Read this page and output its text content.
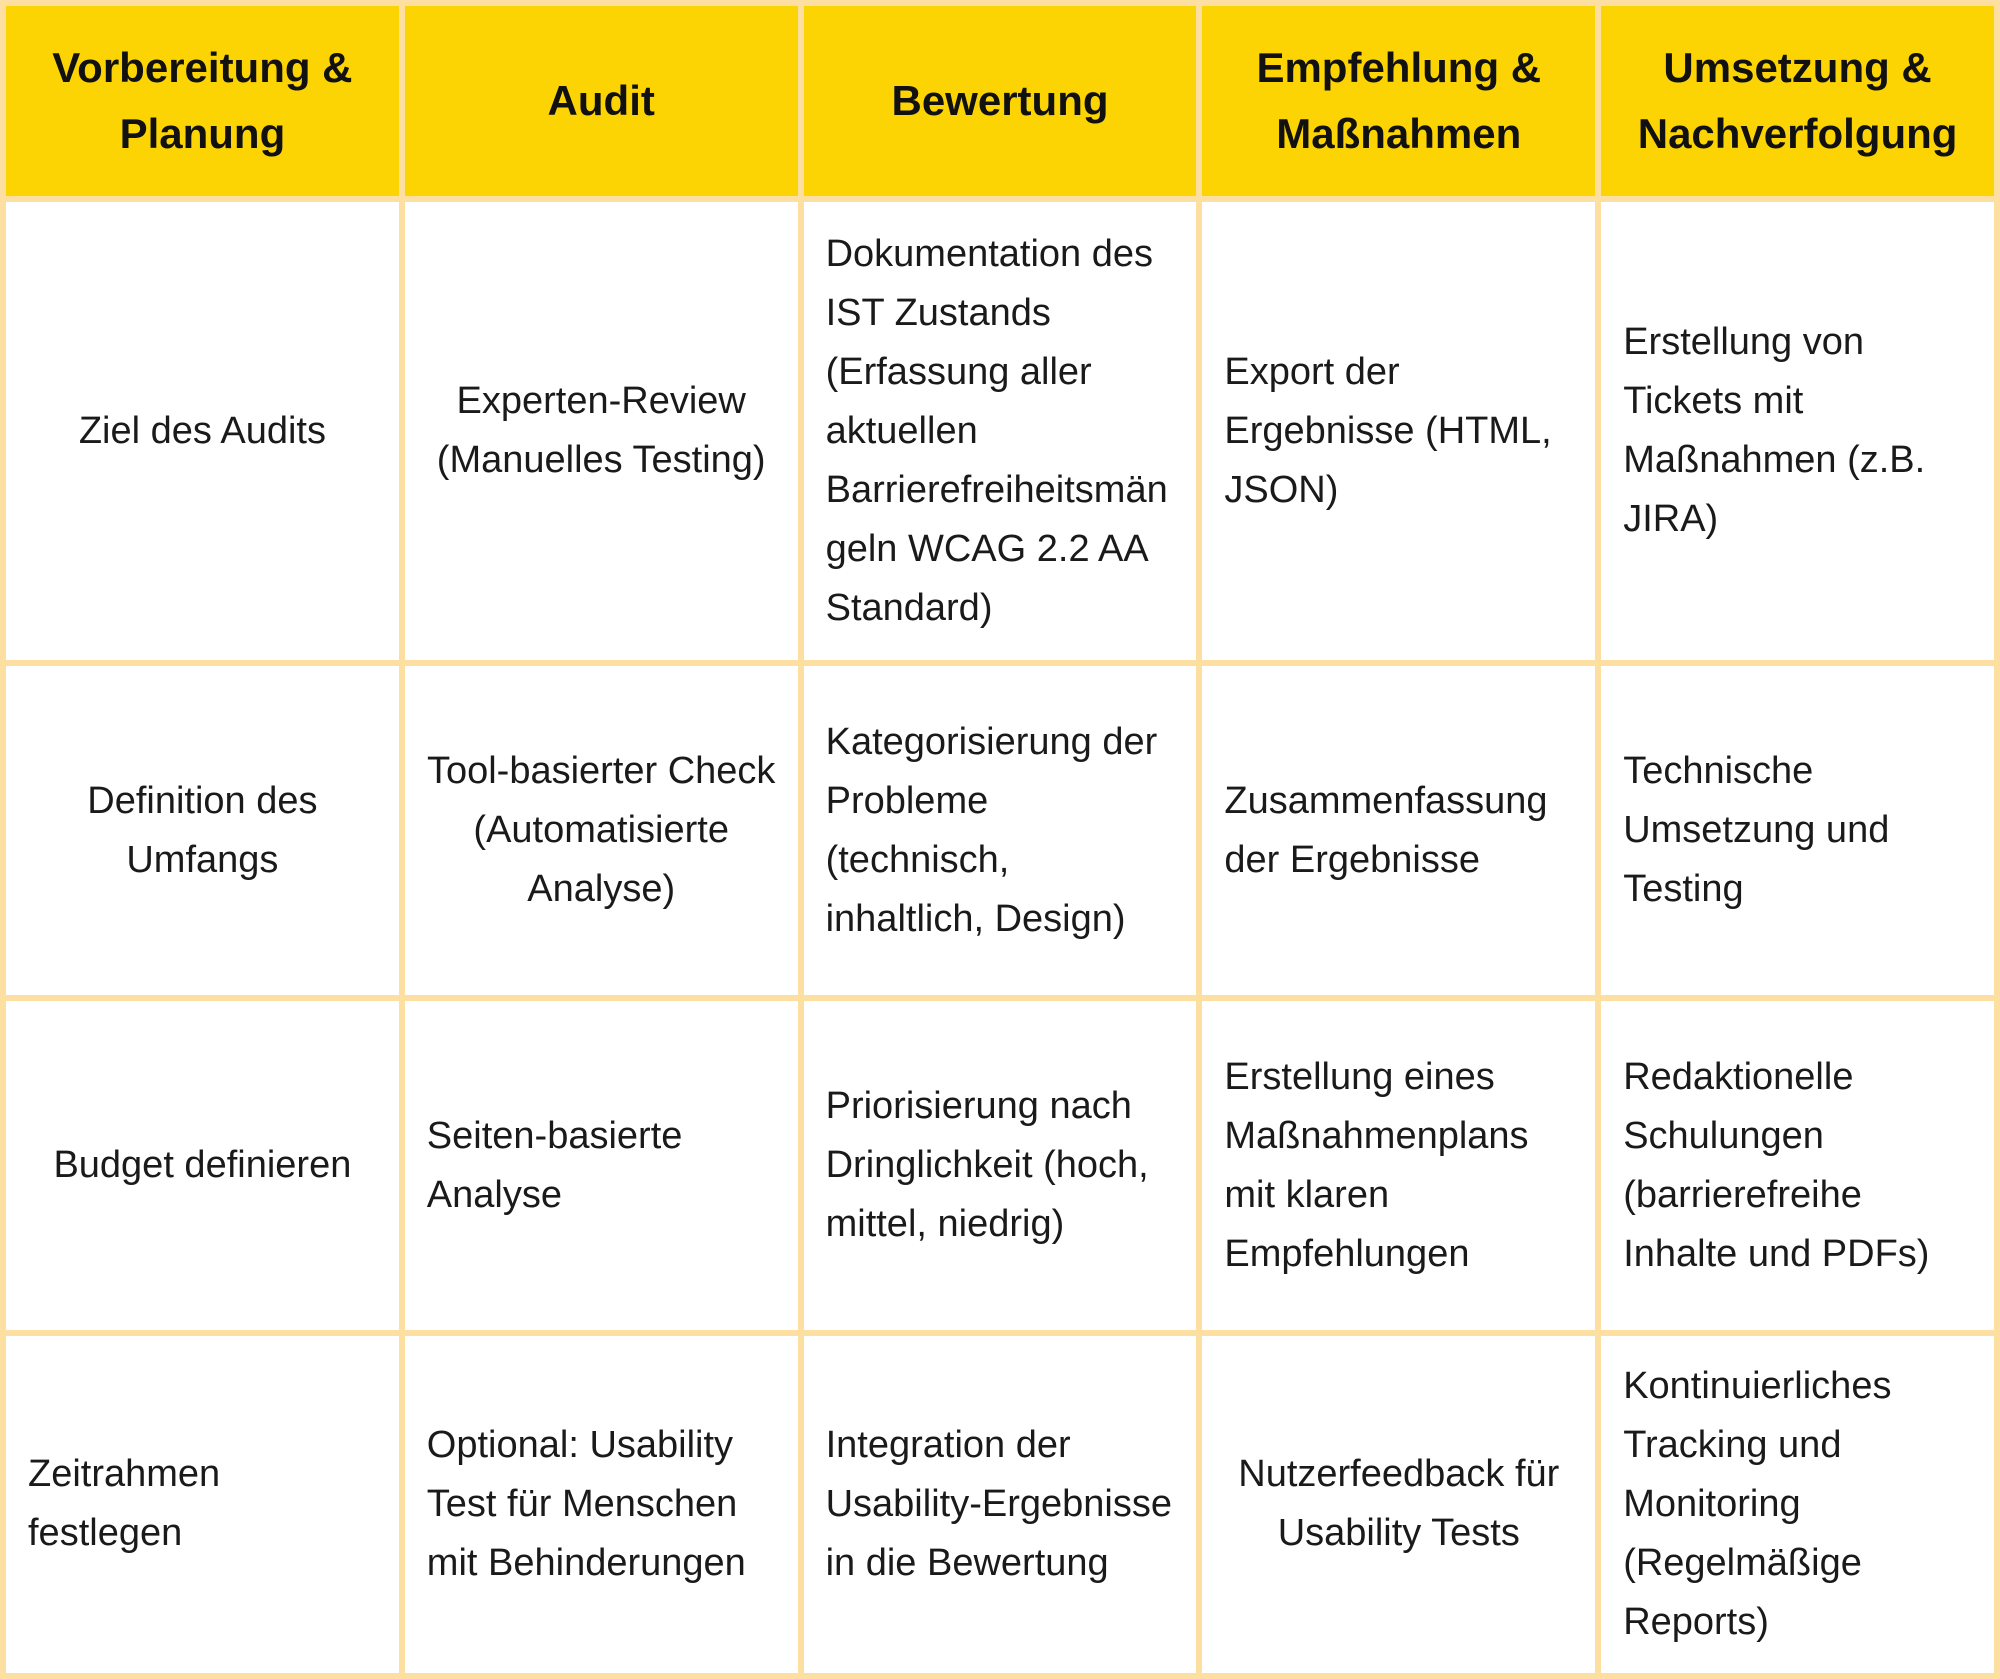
Vorbereitung & Planung	Audit	Bewertung	Empfehlung & Maßnahmen	Umsetzung & Nachverfolgung
Ziel des Audits	Experten-Review (Manuelles Testing)	Dokumentation des IST Zustands (Erfassung aller aktuellen Barrierefreiheitsmängeln WCAG 2.2 AA Standard)	Export der Ergebnisse (HTML, JSON)	Erstellung von Tickets mit Maßnahmen (z.B. JIRA)
Definition des Umfangs	Tool-basierter Check (Automatisierte Analyse)	Kategorisierung der Probleme (technisch, inhaltlich, Design)	Zusammenfassung der Ergebnisse	Technische Umsetzung und Testing
Budget definieren	Seiten-basierte Analyse	Priorisierung nach Dringlichkeit (hoch, mittel, niedrig)	Erstellung eines Maßnahmenplans mit klaren Empfehlungen	Redaktionelle Schulungen (barrierefreihe Inhalte und PDFs)
Zeitrahmen festlegen	Optional: Usability Test für Menschen mit Behinderungen	Integration der Usability-Ergebnisse in die Bewertung	Nutzerfeedback für Usability Tests	Kontinuierliches Tracking und Monitoring (Regelmäßige Reports)
